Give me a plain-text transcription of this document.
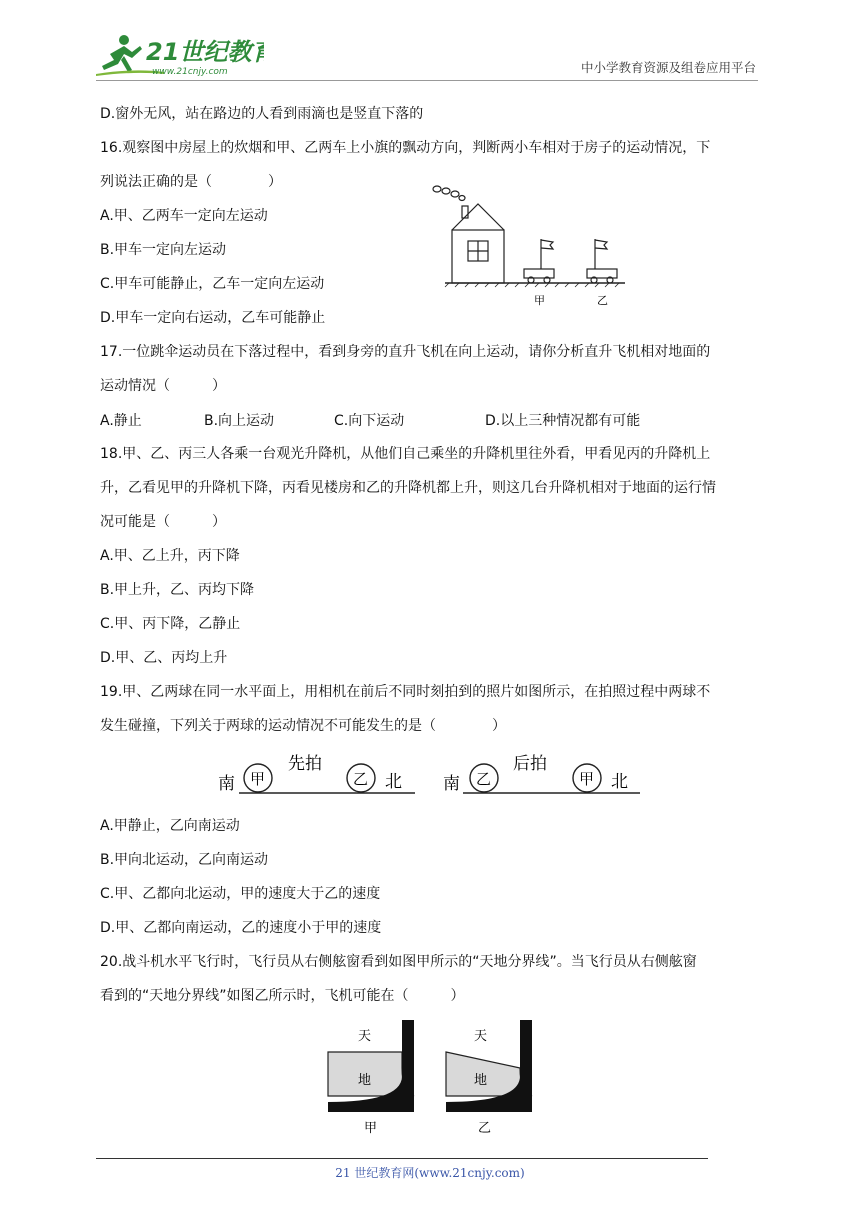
21世纪教育
www.21cnjy.com	中小学教育资源及组卷应用平台
D.窗外无风，站在路边的人看到雨滴也是竖直下落的
16.观察图中房屋上的炊烟和甲、乙两车上小旗的飘动方向，判断两小车相对于房子的运动情况，下
列说法正确的是（　　　　）
A.甲、乙两车一定向左运动
B.甲车一定向左运动
C.甲车可能静止，乙车一定向左运动
D.甲车一定向右运动，乙车可能静止
甲	乙
17.一位跳伞运动员在下落过程中，看到身旁的直升飞机在向上运动，请你分析直升飞机相对地面的
运动情况（　　　）
A.静止	B.向上运动	C.向下运动	D.以上三种情况都有可能
18.甲、乙、丙三人各乘一台观光升降机，从他们自己乘坐的升降机里往外看，甲看见丙的升降机上
升，乙看见甲的升降机下降，丙看见楼房和乙的升降机都上升，则这几台升降机相对于地面的运行情
况可能是（　　　）
A.甲、乙上升，丙下降
B.甲上升，乙、丙均下降
C.甲、丙下降，乙静止
D.甲、乙、丙均上升
19.甲、乙两球在同一水平面上，用相机在前后不同时刻拍到的照片如图所示，在拍照过程中两球不
发生碰撞，下列关于两球的运动情况不可能发生的是（　　　　）
南 甲
先拍
乙 北 南 乙
后拍
甲 北
A.甲静止，乙向南运动
B.甲向北运动，乙向南运动
C.甲、乙都向北运动，甲的速度大于乙的速度
D.甲、乙都向南运动，乙的速度小于甲的速度
20.战斗机水平飞行时，飞行员从右侧舷窗看到如图甲所示的“天地分界线”。当飞行员从右侧舷窗
看到的“天地分界线”如图乙所示时，飞机可能在（　　　）
天
地
甲
天
地
乙
21 世纪教育网(www.21cnjy.com)
